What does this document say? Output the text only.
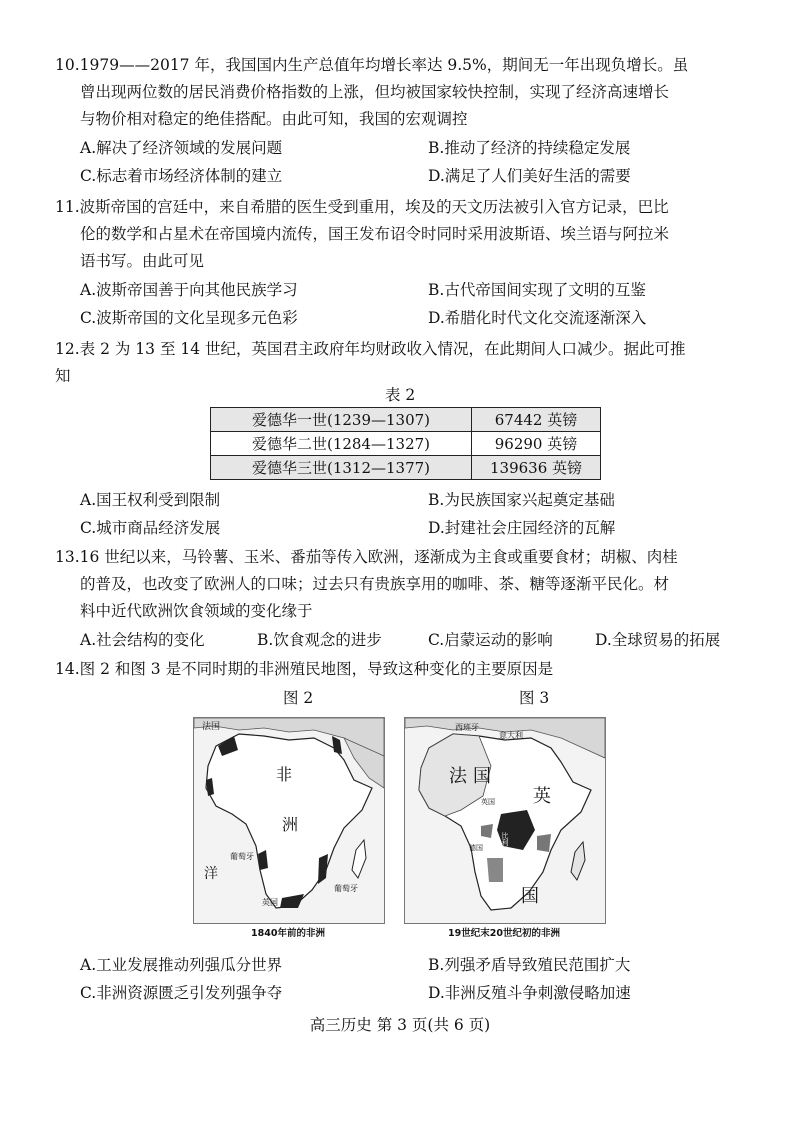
10.1979——2017 年，我国国内生产总值年均增长率达 9.5%，期间无一年出现负增长。虽
曾出现两位数的居民消费价格指数的上涨，但均被国家较快控制，实现了经济高速增长
与物价相对稳定的绝佳搭配。由此可知，我国的宏观调控
A.解决了经济领域的发展问题	B.推动了经济的持续稳定发展
C.标志着市场经济体制的建立	D.满足了人们美好生活的需要
11.波斯帝国的宫廷中，来自希腊的医生受到重用，埃及的天文历法被引入官方记录，巴比
伦的数学和占星术在帝国境内流传，国王发布诏令时同时采用波斯语、埃兰语与阿拉米
语书写。由此可见
A.波斯帝国善于向其他民族学习	B.古代帝国间实现了文明的互鉴
C.波斯帝国的文化呈现多元色彩	D.希腊化时代文化交流逐渐深入
12.表 2 为 13 至 14 世纪，英国君主政府年均财政收入情况，在此期间人口减少。据此可推
知
表 2
爱德华一世(1239—1307)	67442 英镑
爱德华二世(1284—1327)	96290 英镑
爱德华三世(1312—1377)	139636 英镑
A.国王权利受到限制	B.为民族国家兴起奠定基础
C.城市商品经济发展	D.封建社会庄园经济的瓦解
13.16 世纪以来，马铃薯、玉米、番茄等传入欧洲，逐渐成为主食或重要食材；胡椒、肉桂
的普及，也改变了欧洲人的口味；过去只有贵族享用的咖啡、茶、糖等逐渐平民化。材
料中近代欧洲饮食领域的变化缘于
A.社会结构的变化	B.饮食观念的进步	C.启蒙运动的影响	D.全球贸易的拓展
14.图 2 和图 3 是不同时期的非洲殖民地图，导致这种变化的主要原因是
图 2	图 3
法国
非
洲
洋
葡萄牙
英国
葡萄牙
1840年前的非洲
西班牙
意大利
法 国
英
国
英国
德国	比利时
19世纪末20世纪初的非洲
A.工业发展推动列强瓜分世界	B.列强矛盾导致殖民范围扩大
C.非洲资源匮乏引发列强争夺	D.非洲反殖斗争刺激侵略加速
高三历史 第 3 页(共 6 页)
